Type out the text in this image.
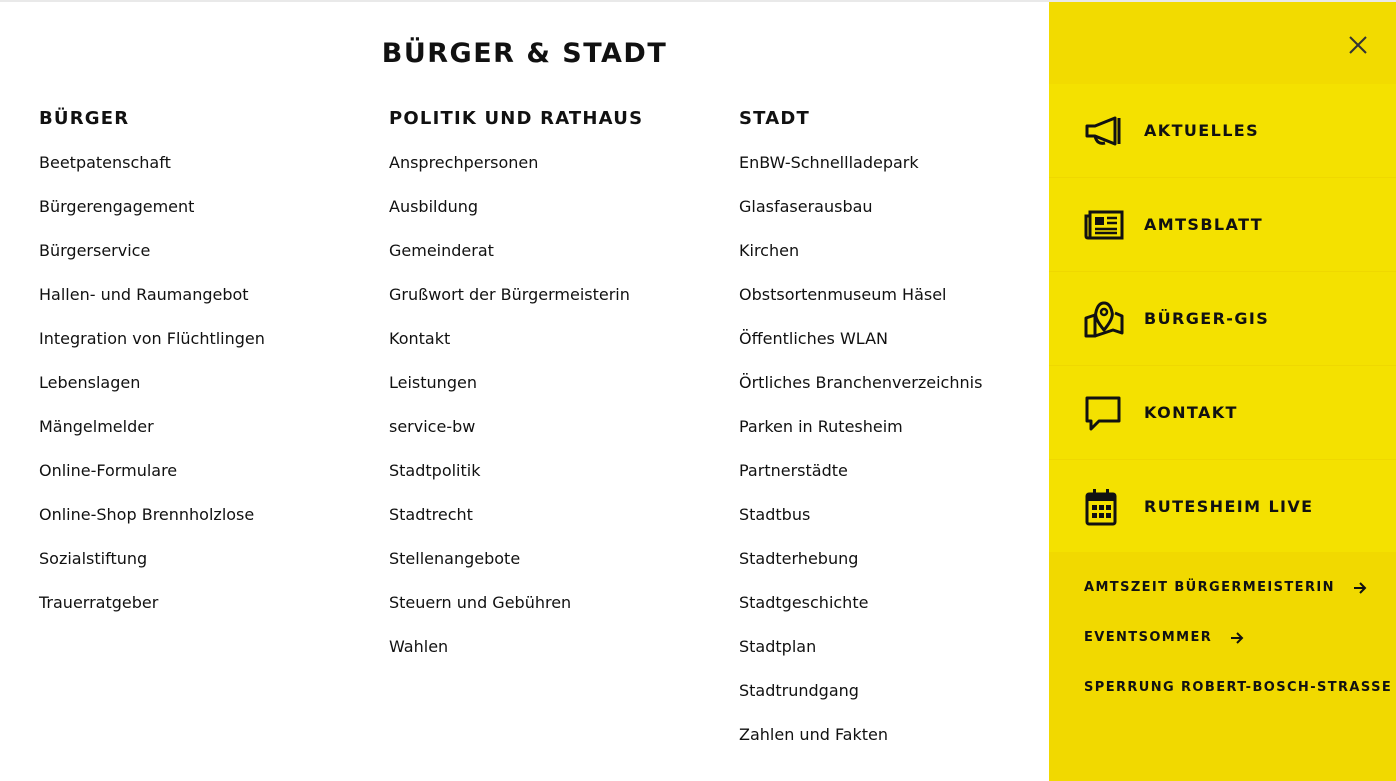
BÜRGER & STADT
BÜRGER
Beetpatenschaft
Bürgerengagement
Bürgerservice
Hallen- und Raumangebot
Integration von Flüchtlingen
Lebenslagen
Mängelmelder
Online-Formulare
Online-Shop Brennholzlose
Sozialstiftung
Trauerratgeber
POLITIK UND RATHAUS
Ansprechpersonen
Ausbildung
Gemeinderat
Grußwort der Bürgermeisterin
Kontakt
Leistungen
service-bw
Stadtpolitik
Stadtrecht
Stellenangebote
Steuern und Gebühren
Wahlen
STADT
EnBW-Schnellladepark
Glasfaserausbau
Kirchen
Obstsortenmuseum Häsel
Öffentliches WLAN
Örtliches Branchenverzeichnis
Parken in Rutesheim
Partnerstädte
Stadtbus
Stadterhebung
Stadtgeschichte
Stadtplan
Stadtrundgang
Zahlen und Fakten
AKTUELLES
AMTSBLATT
BÜRGER-GIS
KONTAKT
RUTESHEIM LIVE
AMTSZEIT BÜRGERMEISTERIN
EVENTSOMMER
SPERRUNG ROBERT-BOSCH-STRASSE
